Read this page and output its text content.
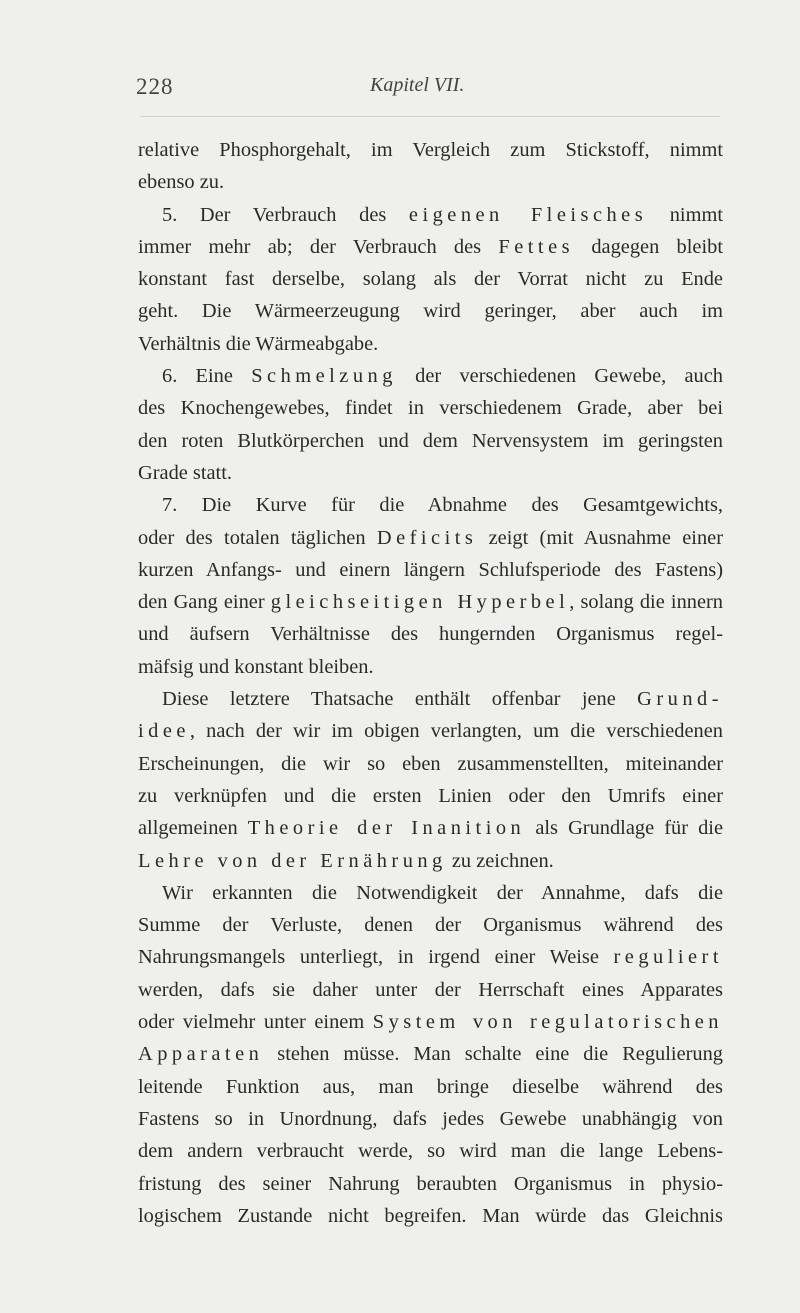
228	Kapitel VII.
relative Phosphorgehalt, im Vergleich zum Stickstoff, nimmt
ebenso zu.
5. Der Verbrauch des eigenen Fleisches nimmt
immer mehr ab; der Verbrauch des Fettes dagegen bleibt
konstant fast derselbe, solang als der Vorrat nicht zu Ende
geht. Die Wärmeerzeugung wird geringer, aber auch im
Verhältnis die Wärmeabgabe.
6. Eine Schmelzung der verschiedenen Gewebe, auch
des Knochengewebes, findet in verschiedenem Grade, aber bei
den roten Blutkörperchen und dem Nervensystem im geringsten
Grade statt.
7. Die Kurve für die Abnahme des Gesamtgewichts,
oder des totalen täglichen Deficits zeigt (mit Ausnahme einer
kurzen Anfangs- und einern längern Schlufsperiode des Fastens)
den Gang einer gleichseitigen Hyperbel, solang die innern
und äufsern Verhältnisse des hungernden Organismus regel-
mäfsig und konstant bleiben.
Diese letztere Thatsache enthält offenbar jene Grund-
idee, nach der wir im obigen verlangten, um die verschiedenen
Erscheinungen, die wir so eben zusammenstellten, miteinander
zu verknüpfen und die ersten Linien oder den Umrifs einer
allgemeinen Theorie der Inanition als Grundlage für die
Lehre von der Ernährung zu zeichnen.
Wir erkannten die Notwendigkeit der Annahme, dafs die
Summe der Verluste, denen der Organismus während des
Nahrungsmangels unterliegt, in irgend einer Weise reguliert
werden, dafs sie daher unter der Herrschaft eines Apparates
oder vielmehr unter einem System von regulatorischen
Apparaten stehen müsse. Man schalte eine die Regulierung
leitende Funktion aus, man bringe dieselbe während des
Fastens so in Unordnung, dafs jedes Gewebe unabhängig von
dem andern verbraucht werde, so wird man die lange Lebens-
fristung des seiner Nahrung beraubten Organismus in physio-
logischem Zustande nicht begreifen. Man würde das Gleichnis
